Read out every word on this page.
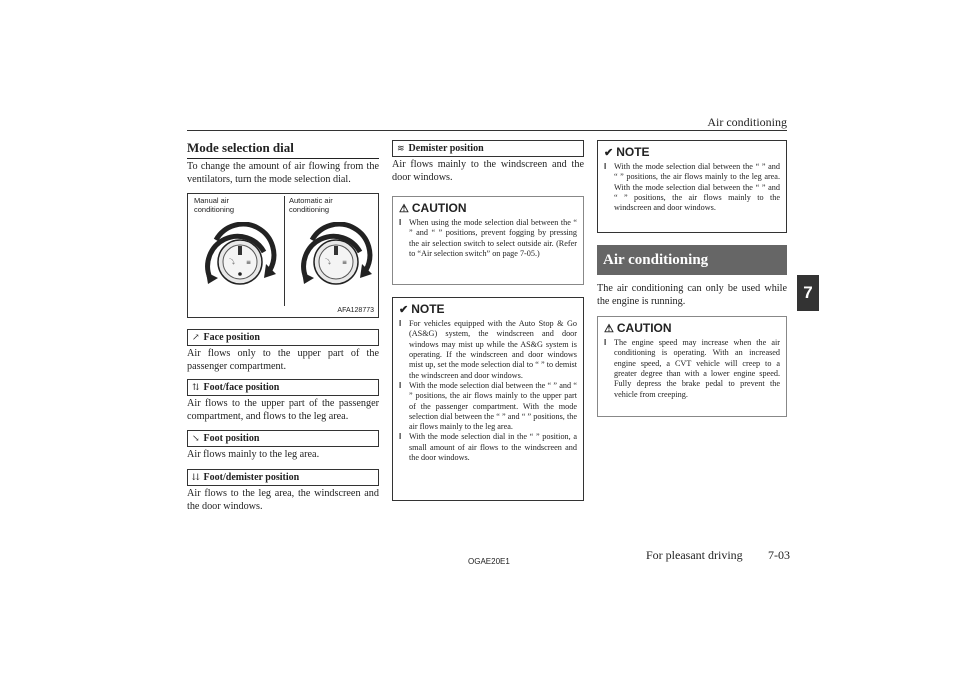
Air conditioning
7
Mode selection dial

To change the amount of air flowing from the ventilators, turn the mode selection dial.

Manual air conditioning
Automatic air conditioning
⤵ ≡	⤵ ≡
AFA128773
↗ Face position

Air flows only to the upper part of the passenger compartment.

⇅ Foot/face position

Air flows to the upper part of the passenger compartment, and flows to the leg area.

↘ Foot position

Air flows mainly to the leg area.

⇊ Foot/demister position

Air flows to the leg area, the windscreen and the door windows.

≋ Demister position

Air flows mainly to the windscreen and the door windows.

⚠ CAUTION
l When using the mode selection dial between the “ ” and “ ” positions, prevent fogging by pressing the air selection switch to select outside air. (Refer to “Air selection switch” on page 7-05.)
✔ NOTE
l For vehicles equipped with the Auto Stop & Go (AS&G) system, the windscreen and door windows may mist up while the AS&G system is operating. If the windscreen and door windows mist up, set the mode selection dial to “ ” to demist the windscreen and door windows.
l With the mode selection dial between the “ ” and “ ” positions, the air flows mainly to the upper part of the passenger compartment. With the mode selection dial between the “ ” and “ ” positions, the air flows mainly to the leg area.
l With the mode selection dial in the “ ” position, a small amount of air flows to the windscreen and the door windows.
✔ NOTE
l With the mode selection dial between the “ ” and “ ” positions, the air flows mainly to the leg area. With the mode selection dial between the “ ” and “ ” positions, the air flows mainly to the windscreen and door windows.
Air conditioning

The air conditioning can only be used while the engine is running.

⚠ CAUTION
l The engine speed may increase when the air conditioning is operating. With an increased engine speed, a CVT vehicle will creep to a greater degree than with a lower engine speed. Fully depress the brake pedal to prevent the vehicle from creeping.
OGAE20E1	For pleasant driving 7-03
